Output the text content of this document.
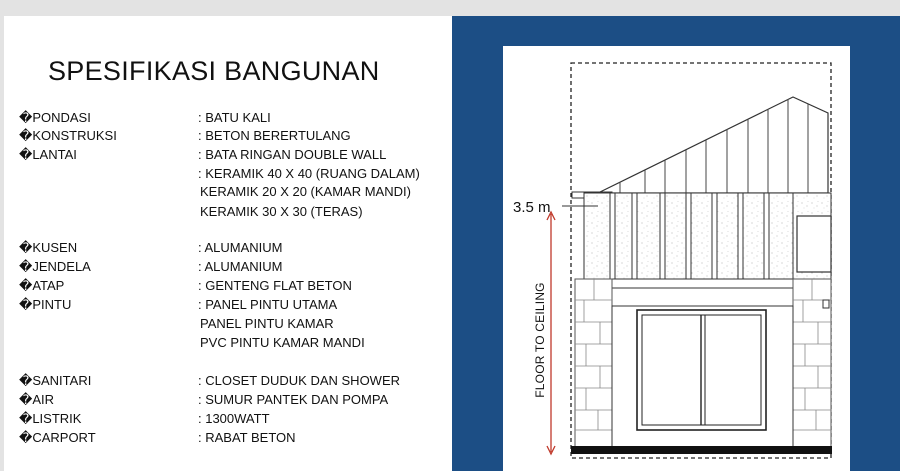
SPESIFIKASI BANGUNAN
�PONDASI	: BATU KALI
�KONSTRUKSI	: BETON BERERTULANG
�LANTAI	: BATA RINGAN DOUBLE WALL
: KERAMIK 40 X 40 (RUANG DALAM)
KERAMIK 20 X 20 (KAMAR MANDI)
KERAMIK 30 X 30 (TERAS)
�KUSEN	: ALUMANIUM
�JENDELA	: ALUMANIUM
�ATAP	: GENTENG FLAT BETON
�PINTU	: PANEL PINTU UTAMA
PANEL PINTU KAMAR
PVC PINTU KAMAR MANDI
�SANITARI	: CLOSET DUDUK DAN SHOWER
�AIR	: SUMUR PANTEK DAN POMPA
�LISTRIK	: 1300WATT
�CARPORT	: RABAT BETON
3.5 m
FLOOR TO CEILING
